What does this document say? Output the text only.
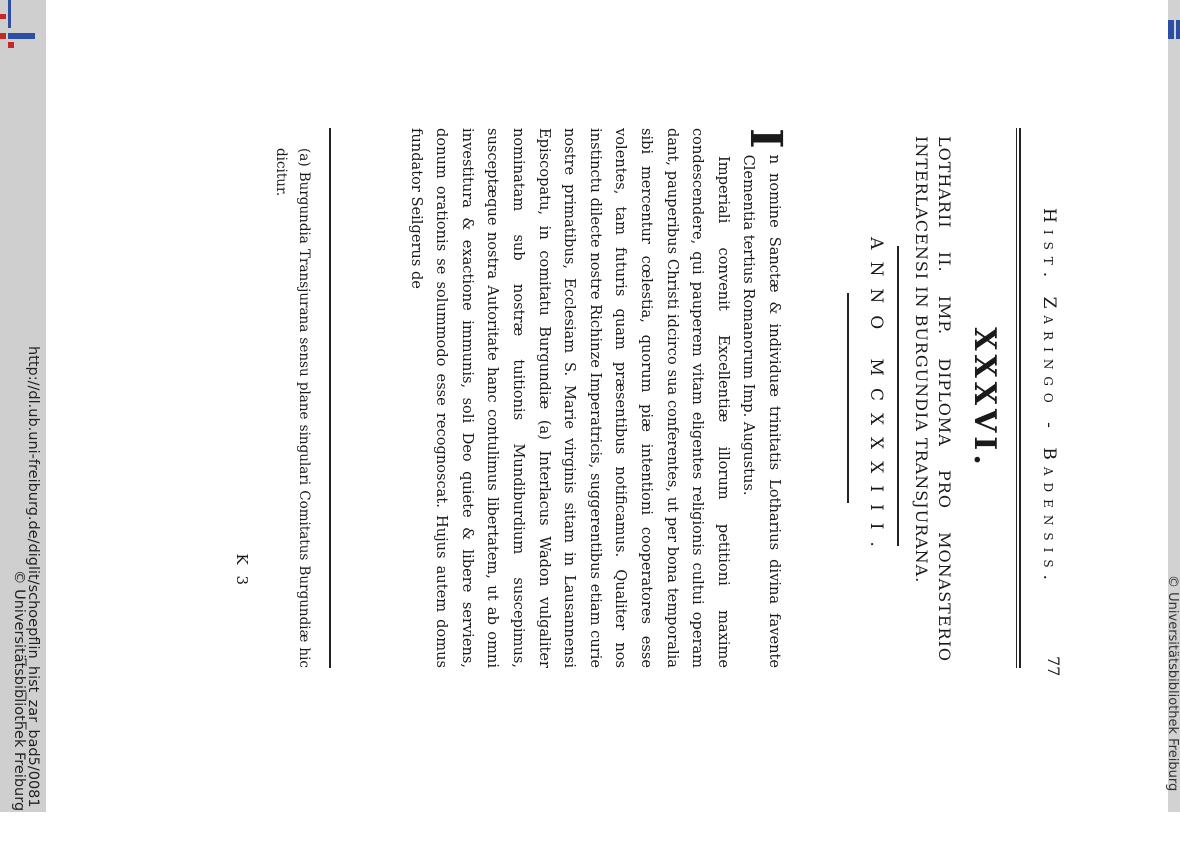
http://dl.ub.uni-freiburg.de/diglit/schoepflin_hist_zar_bad5/0081
© Universitätsbibliothek Freiburg	© Universitätsbibliothek Freiburg
Hist. Zaringo - Badensis.
77
XXXVI.
LOTHARII II. IMP. DIPLOMA PRO MONASTERIO INTERLACENSI IN BURGUNDIA TRANSJURANA.
ANNO MCXXXIII.

I
n nomine Sanctæ & individuæ trinitatis Lotharius divina favente Clementia tertius Romanorum Imp. Augustus.

Imperiali convenit Excellentiæ illorum petitioni maxime condescendere, qui pauperem vitam eligentes religionis cultui operam dant, pauperibus Christi idcirco sua conferentes, ut per bona temporalia sibi mercentur cœlestia, quorum piæ intentioni cooperatores esse volentes, tam futuris quam præsentibus notificamus. Qualiter nos instinctu dilecte nostre Richinze Imperatricis, suggerentibus etiam curie nostre primatibus, Ecclesiam S. Marie virginis sitam in Lausannensi Episcopatu, in comitatu Burgundiæ (a) Interlacus Wadon vulgaliter nominatam sub nostræ tuitionis Mundiburdium suscepimus, susceptæque nostra Autoritate hanc contulimus libertatem, ut ab omni investitura & exactione immunis, soli Deo quiete & libere serviens, donum orationis se solummodo esse recognoscat. Hujus autem domus fundator Seilgerus de

(a) Burgundia Transjurana sensu plane singulari Comitatus Burgundiæ hic dicitur.
K 3
